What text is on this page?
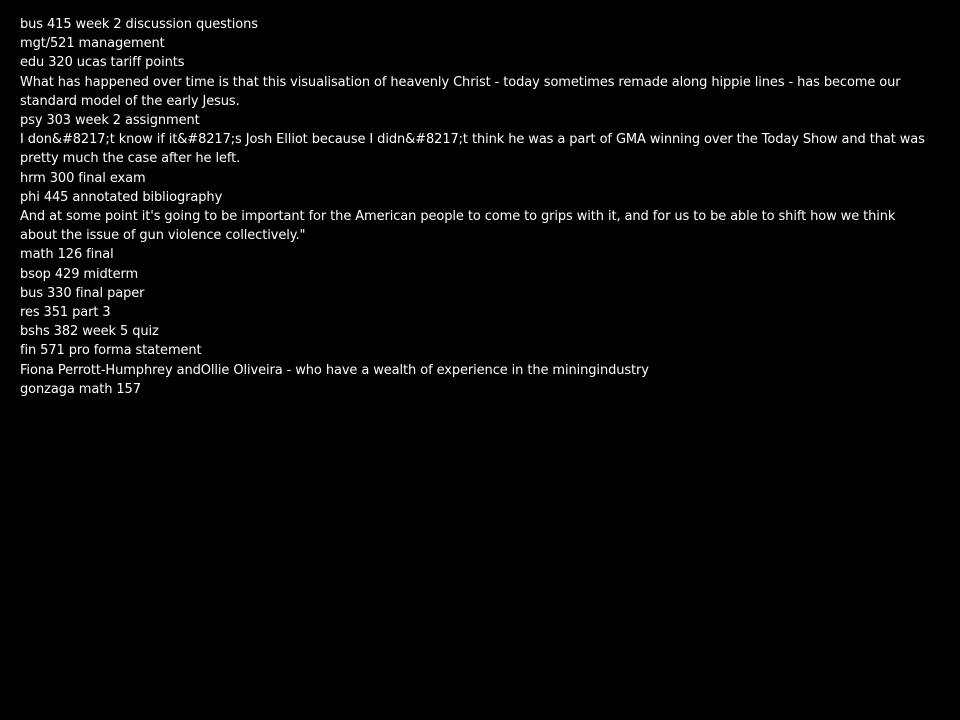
bus 415 week 2 discussion questions

mgt/521 management

edu 320 ucas tariff points

What has happened over time is that this visualisation of heavenly Christ - today sometimes remade along hippie lines - has become our standard model of the early Jesus.

psy 303 week 2 assignment

I don&#8217;t know if it&#8217;s Josh Elliot because I didn&#8217;t think he was a part of GMA winning over the Today Show and that was pretty much the case after he left.

hrm 300 final exam

phi 445 annotated bibliography

And at some point it's going to be important for the American people to come to grips with it, and for us to be able to shift how we think about the issue of gun violence collectively."

math 126 final

bsop 429 midterm

bus 330 final paper

res 351 part 3

bshs 382 week 5 quiz

fin 571 pro forma statement

Fiona Perrott-Humphrey andOllie Oliveira - who have a wealth of experience in the miningindustry

gonzaga math 157
